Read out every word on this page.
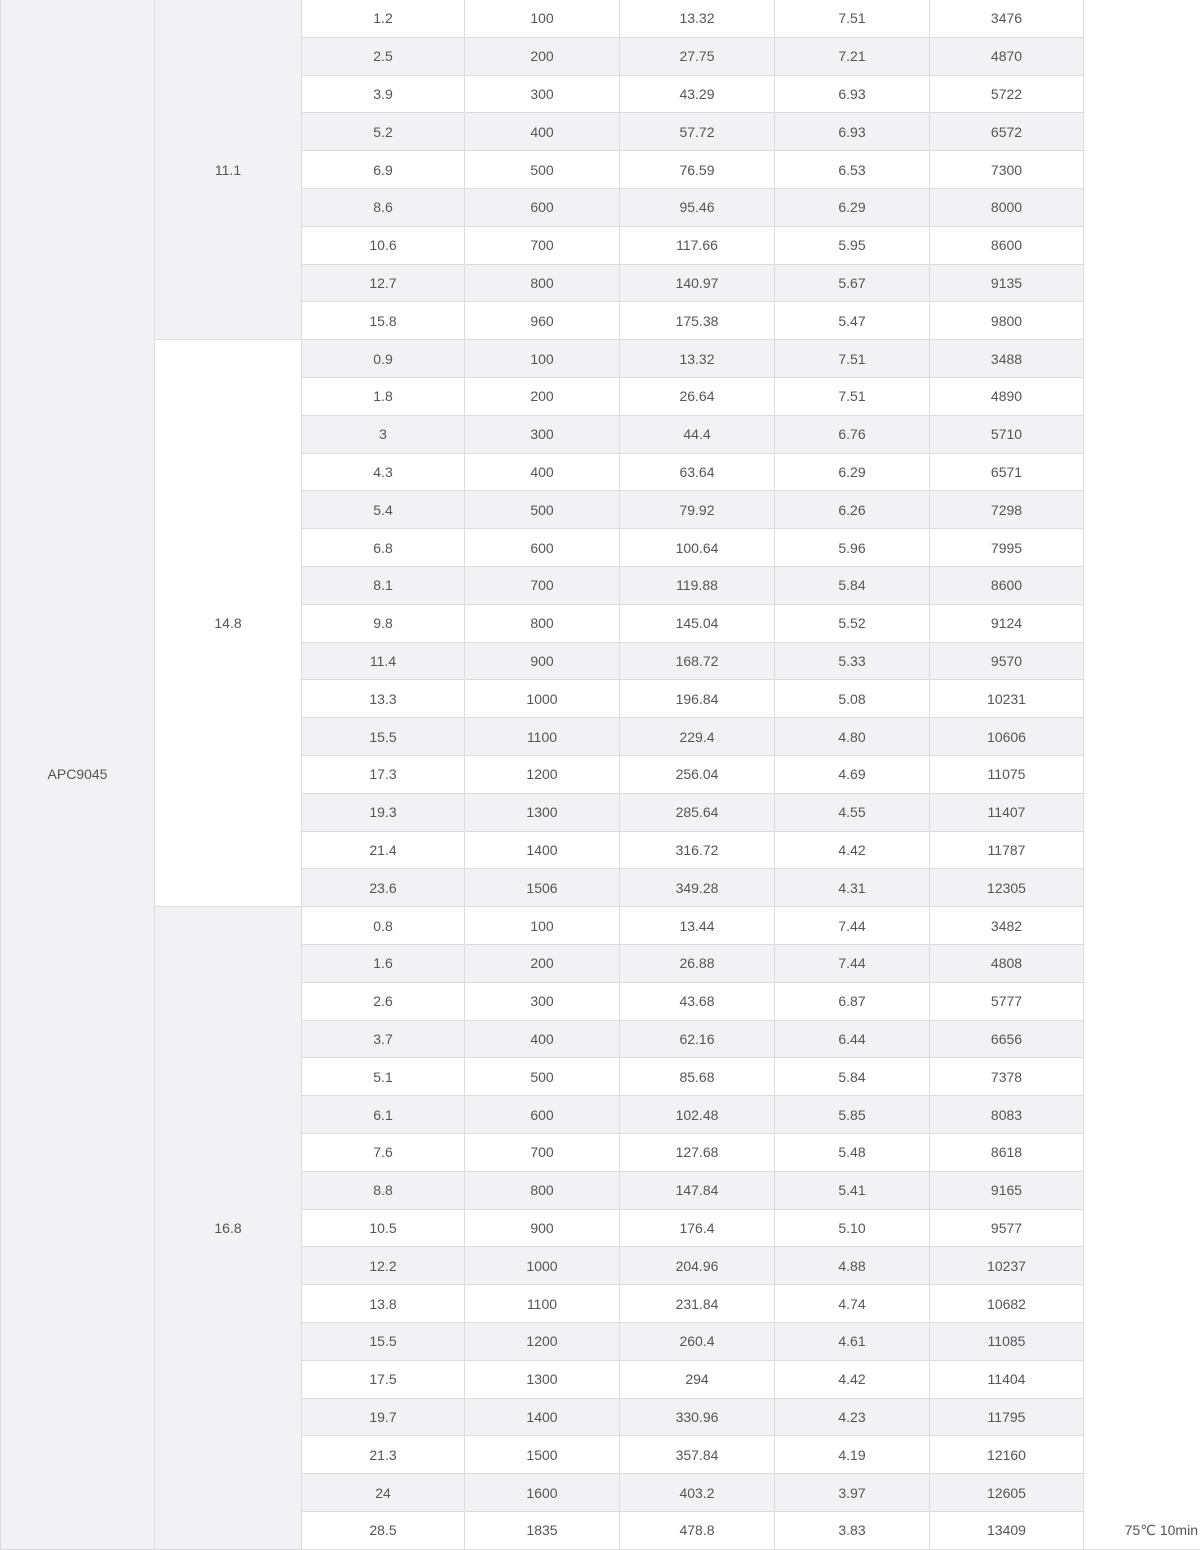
APC9045
11.1
1.2	100	13.32	7.51	3476
2.5	200	27.75	7.21	4870
3.9	300	43.29	6.93	5722
5.2	400	57.72	6.93	6572
6.9	500	76.59	6.53	7300
8.6	600	95.46	6.29	8000
10.6	700	117.66	5.95	8600
12.7	800	140.97	5.67	9135
15.8	960	175.38	5.47	9800
14.8
0.9	100	13.32	7.51	3488
1.8	200	26.64	7.51	4890
3	300	44.4	6.76	5710
4.3	400	63.64	6.29	6571
5.4	500	79.92	6.26	7298
6.8	600	100.64	5.96	7995
8.1	700	119.88	5.84	8600
9.8	800	145.04	5.52	9124
11.4	900	168.72	5.33	9570
13.3	1000	196.84	5.08	10231
15.5	1100	229.4	4.80	10606
17.3	1200	256.04	4.69	11075
19.3	1300	285.64	4.55	11407
21.4	1400	316.72	4.42	11787
23.6	1506	349.28	4.31	12305
16.8
0.8	100	13.44	7.44	3482
1.6	200	26.88	7.44	4808
2.6	300	43.68	6.87	5777
3.7	400	62.16	6.44	6656
5.1	500	85.68	5.84	7378
6.1	600	102.48	5.85	8083
7.6	700	127.68	5.48	8618
8.8	800	147.84	5.41	9165
10.5	900	176.4	5.10	9577
12.2	1000	204.96	4.88	10237
13.8	1100	231.84	4.74	10682
15.5	1200	260.4	4.61	11085
17.5	1300	294	4.42	11404
19.7	1400	330.96	4.23	11795
21.3	1500	357.84	4.19	12160
24	1600	403.2	3.97	12605
28.5	1835	478.8	3.83	13409	75℃ 10min
